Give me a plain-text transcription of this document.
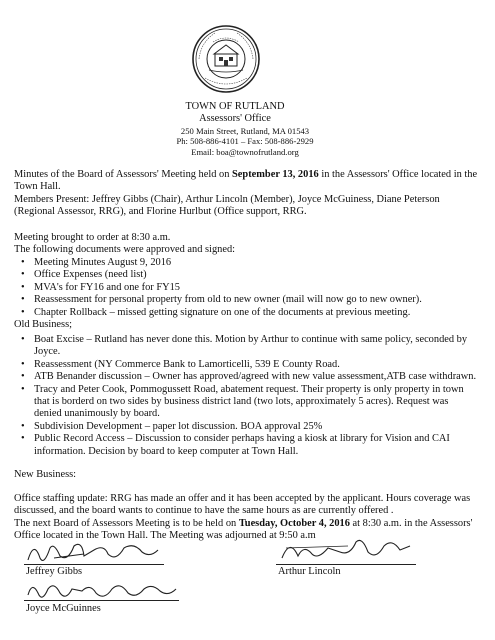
TOWN OF RUTLAND
Assessors' Office
250 Main Street, Rutland, MA 01543
Ph: 508-886-4101 – Fax: 508-886-2929
Email: boa@townofrutland.org
Minutes of the Board of Assessors' Meeting held on September 13, 2016 in the Assessors' Office located in the Town Hall.
Members Present: Jeffrey Gibbs (Chair), Arthur Lincoln (Member), Joyce McGuiness, Diane Peterson (Regional Assessor, RRG), and Florine Hurlbut (Office support, RRG.
Meeting brought to order at 8:30 a.m.
The following documents were approved and signed:
• Meeting Minutes August 9, 2016
• Office Expenses (need list)
• MVA's for FY16 and one for FY15
• Reassessment for personal property from old to new owner (mail will now go to new owner).
• Chapter Rollback – missed getting signature on one of the documents at previous meeting.
Old Business;
• Boat Excise – Rutland has never done this. Motion by Arthur to continue with same policy, seconded by Joyce.
• Reassessment (NY Commerce Bank to Lamorticelli, 539 E County Road.
• ATB Benander discussion – Owner has approved/agreed with new value assessment,ATB case withdrawn.
• Tracy and Peter Cook, Pommogussett Road, abatement request. Their property is only property in town that is borderd on two sides by business district land (two lots, approximately 5 acres). Request was denied unanimously by board.
• Subdivision Development – paper lot discussion. BOA approval 25%
• Public Record Access – Discussion to consider perhaps having a kiosk at library for Vision and CAI information. Decision by board to keep computer at Town Hall.
New Business:
Office staffing update: RRG has made an offer and it has been accepted by the applicant. Hours coverage was discussed, and the board wants to continue to have the same hours as are currently offered .
The next Board of Assessors Meeting is to be held on Tuesday, October 4, 2016 at 8:30 a.m. in the Assessors' Office located in the Town Hall. The Meeting was adjourned at 9:50 a.m
Jeffrey Gibbs	Arthur Lincoln
Joyce McGuinnes
